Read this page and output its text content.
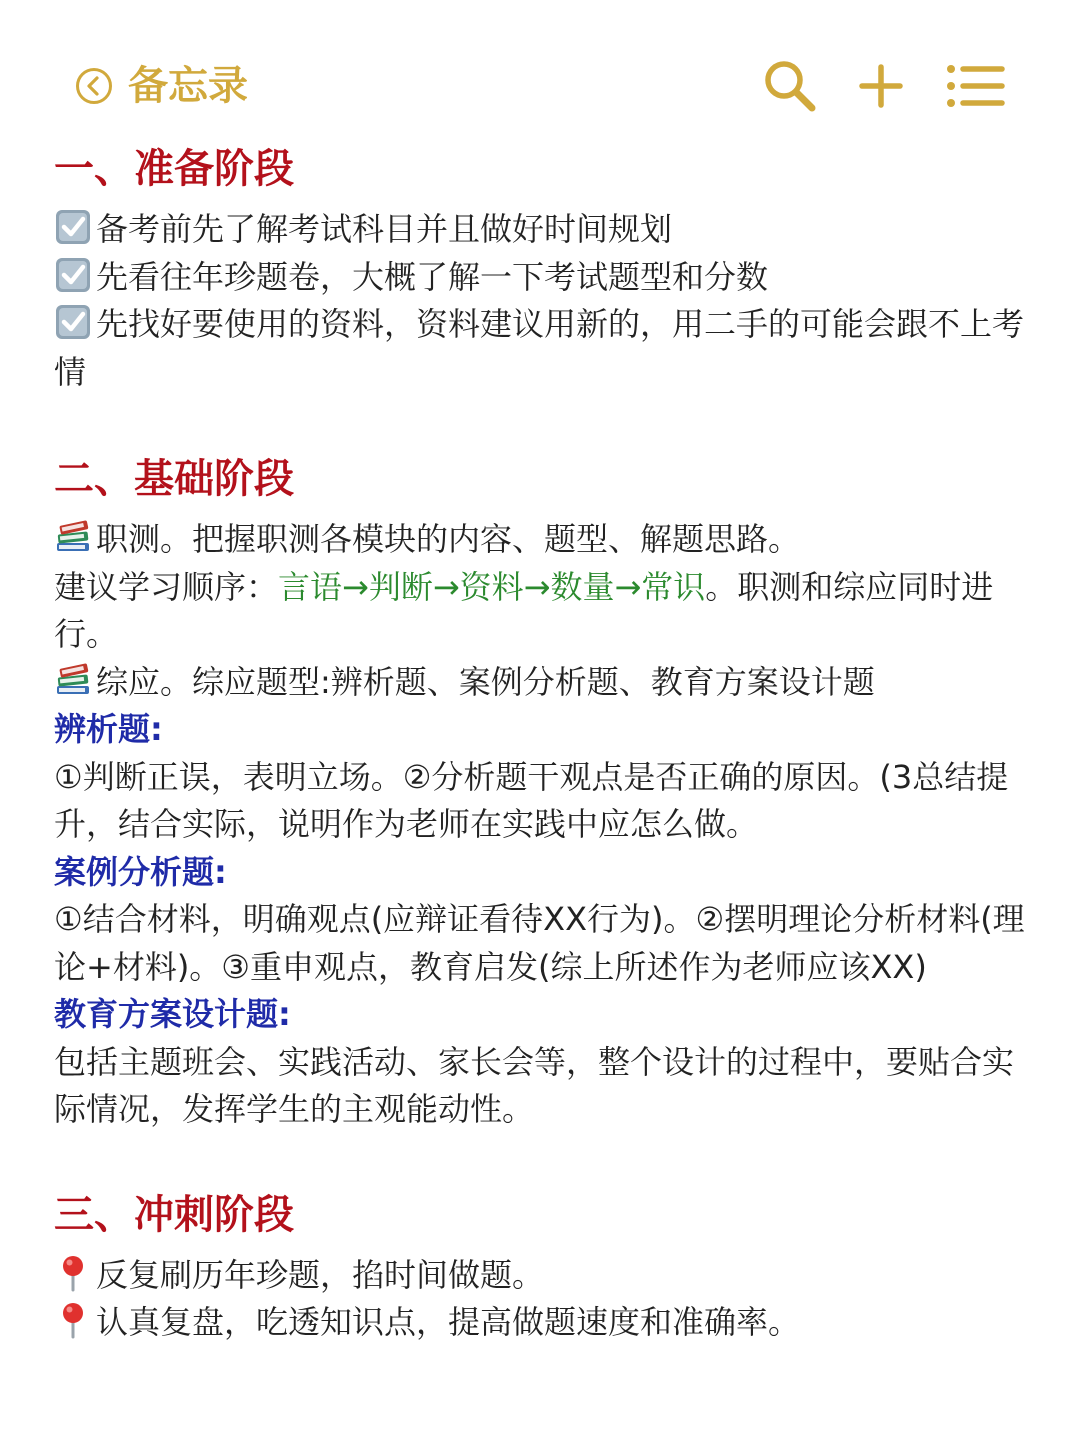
备忘录
一、准备阶段

备考前先了解考试科目并且做好时间规划

先看往年珍题卷，大概了解一下考试题型和分数

先找好要使用的资料，资料建议用新的，用二手的可能会跟不上考情

二、基础阶段

职测。把握职测各模块的内容、题型、解题思路。

建议学习顺序：言语→判断→资料→数量→常识。职测和综应同时进行。

综应。综应题型:辨析题、案例分析题、教育方案设计题

辨析题:

①判断正误，表明立场。②分析题干观点是否正确的原因。(3总结提升，结合实际，说明作为老师在实践中应怎么做。

案例分析题:

①结合材料，明确观点(应辩证看待XX行为)。②摆明理论分析材料(理论+材料)。③重申观点，教育启发(综上所述作为老师应该XX)

教育方案设计题:

包括主题班会、实践活动、家长会等，整个设计的过程中，要贴合实际情况，发挥学生的主观能动性。

三、冲刺阶段

反复刷历年珍题，掐时间做题。

认真复盘，吃透知识点，提高做题速度和准确率。
